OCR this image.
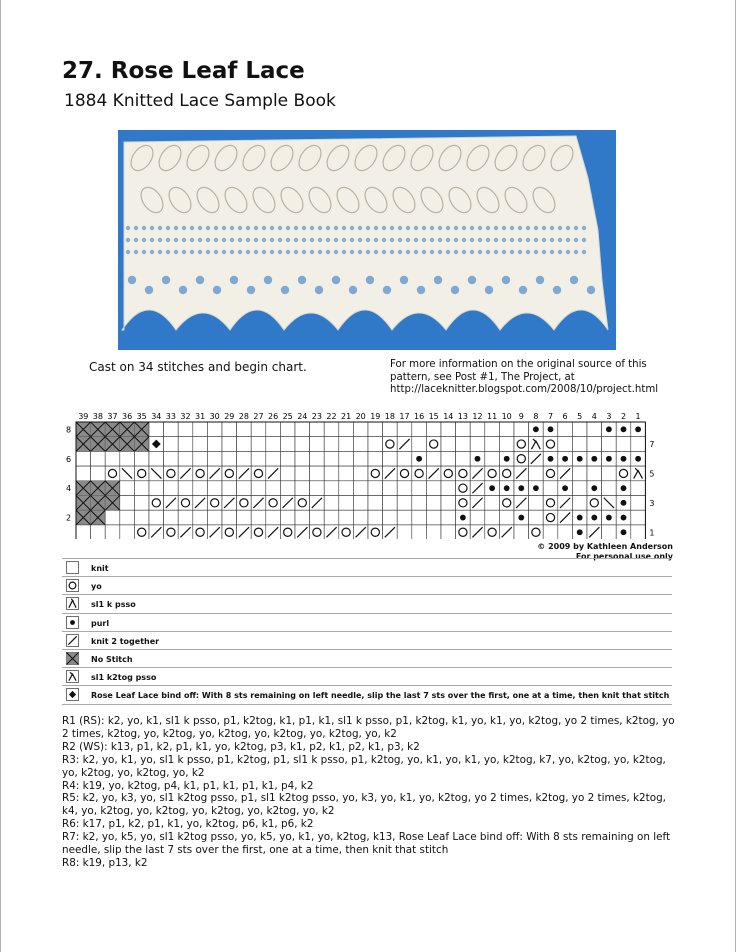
27. Rose Leaf Lace
1884 Knitted Lace Sample Book
Cast on 34 stitches and begin chart.	For more information on the original source of this
pattern, see Post #1, The Project, at
http://laceknitter.blogspot.com/2008/10/project.html
39 38 37 36 35 34 33 32 31 30 29 28 27 26 25 24 23 22 21 20 19 18 17 16 15 14 13 12 11 10 9 8 7 6 5 4 3 2 1
8
7
6
5
4
3
2
1
© 2009 by Kathleen Anderson
For personal use only
knit
yo
sl1 k psso
purl
knit 2 together
No Stitch
sl1 k2tog psso
Rose Leaf Lace bind off: With 8 sts remaining on left needle, slip the last 7 sts over the first, one at a time, then knit that stitch

R1 (RS): k2, yo, k1, sl1 k psso, p1, k2tog, k1, p1, k1, sl1 k psso, p1, k2tog, k1, yo, k1, yo, k2tog, yo 2 times, k2tog, yo 2 times, k2tog, yo, k2tog, yo, k2tog, yo, k2tog, yo, k2tog, yo, k2

R2 (WS): k13, p1, k2, p1, k1, yo, k2tog, p3, k1, p2, k1, p2, k1, p3, k2

R3: k2, yo, k1, yo, sl1 k psso, p1, k2tog, p1, sl1 k psso, p1, k2tog, yo, k1, yo, k1, yo, k2tog, k7, yo, k2tog, yo, k2tog, yo, k2tog, yo, k2tog, yo, k2

R4: k19, yo, k2tog, p4, k1, p1, k1, p1, k1, p4, k2

R5: k2, yo, k3, yo, sl1 k2tog psso, p1, sl1 k2tog psso, yo, k3, yo, k1, yo, k2tog, yo 2 times, k2tog, yo 2 times, k2tog, k4, yo, k2tog, yo, k2tog, yo, k2tog, yo, k2tog, yo, k2

R6: k17, p1, k2, p1, k1, yo, k2tog, p6, k1, p6, k2

R7: k2, yo, k5, yo, sl1 k2tog psso, yo, k5, yo, k1, yo, k2tog, k13, Rose Leaf Lace bind off: With 8 sts remaining on left needle, slip the last 7 sts over the first, one at a time, then knit that stitch

R8: k19, p13, k2
